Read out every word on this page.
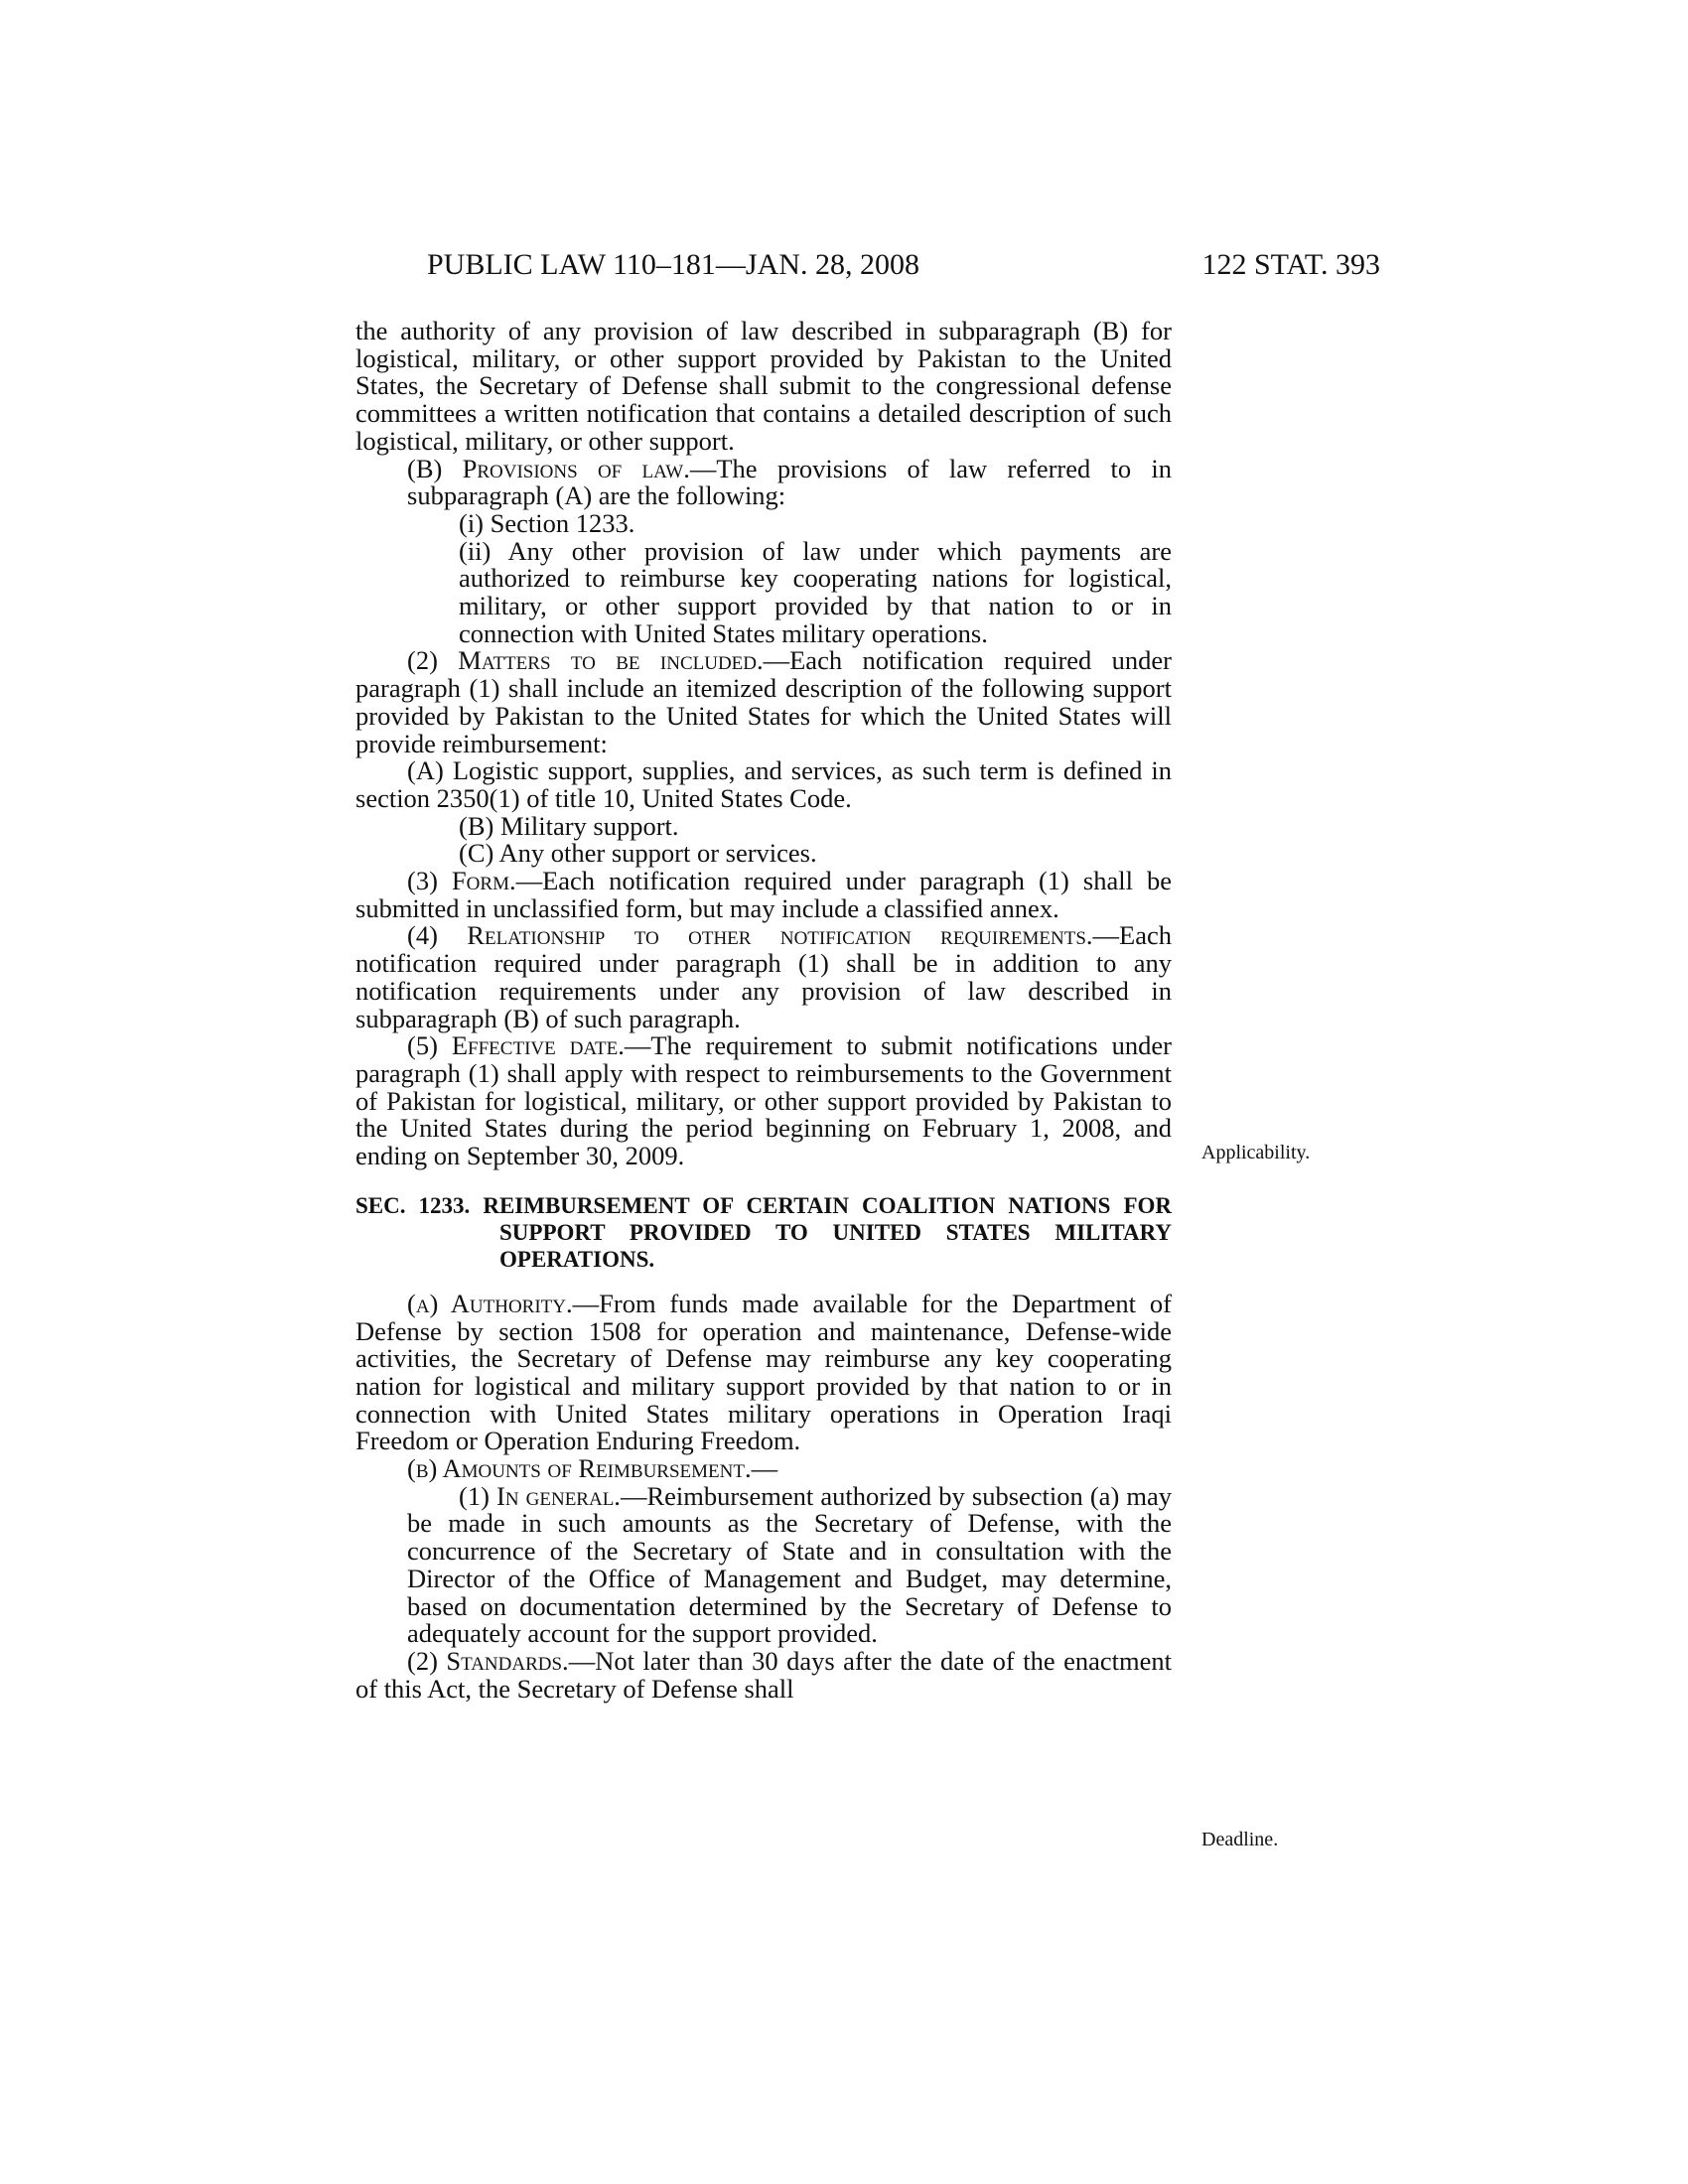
PUBLIC LAW 110–181—JAN. 28, 2008	122 STAT. 393

the authority of any provision of law described in subparagraph (B) for logistical, military, or other support provided by Pakistan to the United States, the Secretary of Defense shall submit to the congressional defense committees a written notification that contains a detailed description of such logistical, military, or other support.

(B) Provisions of law.—The provisions of law referred to in subparagraph (A) are the following:

(i) Section 1233.

(ii) Any other provision of law under which payments are authorized to reimburse key cooperating nations for logistical, military, or other support provided by that nation to or in connection with United States military operations.

(2) Matters to be included.—Each notification required under paragraph (1) shall include an itemized description of the following support provided by Pakistan to the United States for which the United States will provide reimbursement:

(A) Logistic support, supplies, and services, as such term is defined in section 2350(1) of title 10, United States Code.

(B) Military support.

(C) Any other support or services.

(3) Form.—Each notification required under paragraph (1) shall be submitted in unclassified form, but may include a classified annex.

(4) Relationship to other notification requirements.—Each notification required under paragraph (1) shall be in addition to any notification requirements under any provision of law described in subparagraph (B) of such paragraph.

(5) Effective date.—The requirement to submit notifications under paragraph (1) shall apply with respect to reimbursements to the Government of Pakistan for logistical, military, or other support provided by Pakistan to the United States during the period beginning on February 1, 2008, and ending on September 30, 2009.

SEC. 1233. REIMBURSEMENT OF CERTAIN COALITION NATIONS FOR SUPPORT PROVIDED TO UNITED STATES MILITARY OPERATIONS.

(a) Authority.—From funds made available for the Department of Defense by section 1508 for operation and maintenance, Defense-wide activities, the Secretary of Defense may reimburse any key cooperating nation for logistical and military support provided by that nation to or in connection with United States military operations in Operation Iraqi Freedom or Operation Enduring Freedom.

(b) Amounts of Reimbursement.—

(1) In general.—Reimbursement authorized by subsection (a) may be made in such amounts as the Secretary of Defense, with the concurrence of the Secretary of State and in consultation with the Director of the Office of Management and Budget, may determine, based on documentation determined by the Secretary of Defense to adequately account for the support provided.

(2) Standards.—Not later than 30 days after the date of the enactment of this Act, the Secretary of Defense shall

Applicability.
Deadline.
